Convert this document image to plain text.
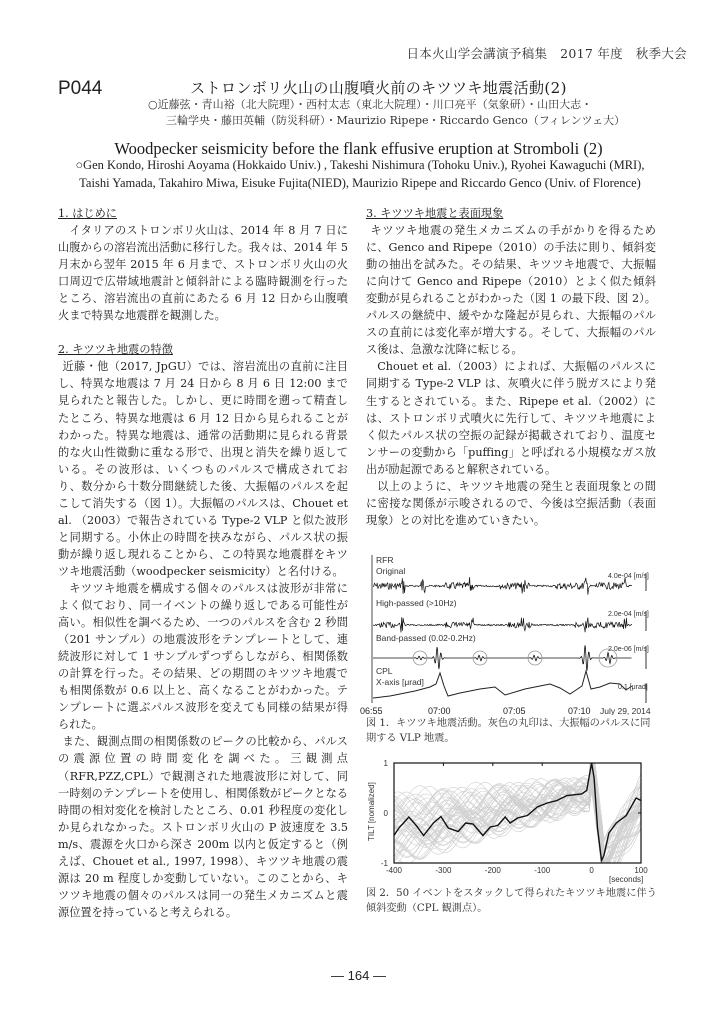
日本火山学会講演予稿集　2017 年度　秋季大会
P044	ストロンボリ火山の山腹噴火前のキツツキ地震活動(2)
○近藤弦・青山裕（北大院理）・西村太志（東北大院理）・川口亮平（気象研）・山田大志・
三輪学央・藤田英輔（防災科研）・Maurizio Ripepe・Riccardo Genco（フィレンツェ大）
Woodpecker seismicity before the flank effusive eruption at Stromboli (2)
○Gen Kondo, Hiroshi Aoyama (Hokkaido Univ.) , Takeshi Nishimura (Tohoku Univ.), Ryohei Kawaguchi (MRI),
Taishi Yamada, Takahiro Miwa, Eisuke Fujita(NIED), Maurizio Ripepe and Riccardo Genco (Univ. of Florence)
1. はじめに

イタリアのストロンボリ火山は、2014 年 8 月 7 日に山腹からの溶岩流出活動に移行した。我々は、2014 年 5 月末から翌年 2015 年 6 月まで、ストロンボリ火山の火口周辺で広帯域地震計と傾斜計による臨時観測を行ったところ、溶岩流出の直前にあたる 6 月 12 日から山腹噴火まで特異な地震群を観測した。

2. キツツキ地震の特徴

近藤・他（2017, JpGU）では、溶岩流出の直前に注目し、特異な地震は 7 月 24 日から 8 月 6 日 12:00 まで見られたと報告した。しかし、更に時間を遡って精査したところ、特異な地震は 6 月 12 日から見られることがわかった。特異な地震は、通常の活動期に見られる背景的な火山性微動に重なる形で、出現と消失を繰り返している。その波形は、いくつものパルスで構成されており、数分から十数分間継続した後、大振幅のパルスを起こして消失する（図 1）。大振幅のパルスは、Chouet et al. （2003）で報告されている Type-2 VLP と似た波形と同期する。小休止の時間を挟みながら、パルス状の振動が繰り返し現れることから、この特異な地震群をキツツキ地震活動（woodpecker seismicity）と名付ける。

キツツキ地震を構成する個々のパルスは波形が非常によく似ており、同一イベントの繰り返しである可能性が高い。相似性を調べるため、一つのパルスを含む 2 秒間（201 サンプル）の地震波形をテンプレートとして、連続波形に対して 1 サンプルずつずらしながら、相関係数の計算を行った。その結果、どの期間のキツツキ地震でも相関係数が 0.6 以上と、高くなることがわかった。テンプレートに選ぶパルス波形を変えても同様の結果が得られた。

また、観測点間の相関係数のピークの比較から、パルスの震源位置の時間変化を調べた。三観測点（RFR,PZZ,CPL）で観測された地震波形に対して、同一時刻のテンプレートを使用し、相関係数がピークとなる時間の相対変化を検討したところ、0.01 秒程度の変化しか見られなかった。ストロンボリ火山の P 波速度を 3.5 m/s、震源を火口から深さ 200m 以内と仮定すると（例えば、Chouet et al., 1997, 1998）、キツツキ地震の震源は 20 m 程度しか変動していない。このことから、キツツキ地震の個々のパルスは同一の発生メカニズムと震源位置を持っていると考えられる。

3. キツツキ地震と表面現象

キツツキ地震の発生メカニズムの手がかりを得るために、Genco and Ripepe（2010）の手法に則り、傾斜変動の抽出を試みた。その結果、キツツキ地震で、大振幅に向けて Genco and Ripepe（2010）とよく似た傾斜変動が見られることがわかった（図 1 の最下段、図 2）。パルスの継続中、緩やかな隆起が見られ、大振幅のパルスの直前には変化率が増大する。そして、大振幅のパルス後は、急激な沈降に転じる。

Chouet et al.（2003）によれば、大振幅のパルスに同期する Type-2 VLP は、灰噴火に伴う脱ガスにより発生するとされている。また、Ripepe et al.（2002）には、ストロンボリ式噴火に先行して、キツツキ地震によく似たパルス状の空振の記録が掲載されており、温度センサーの変動から「puffing」と呼ばれる小規模なガス放出が励起源であると解釈されている。

以上のように、キツツキ地震の発生と表面現象との間に密接な関係が示唆されるので、今後は空振活動（表面現象）との対比を進めていきたい。

RFR
Original
4.0e-04 [m/s]
High-passed (>10Hz)
2.0e-04 [m/s]
Band-passed (0.02-0.2Hz)
2.0e-06 [m/s]
CPL
X-axis [μrad]
0.1 [μrad]
06:55	07:00	07:05	07:10 July 29, 2014
図 1．キツツキ地震活動。灰色の丸印は、大振幅のパルスに同期する VLP 地震。
-400	-300	-200	-100	0	100
1
0
-1
TILT [nomalized]
[seconds]
図 2．50 イベントをスタックして得られたキツツキ地震に伴う傾斜変動（CPL 観測点）。
— 164 —
